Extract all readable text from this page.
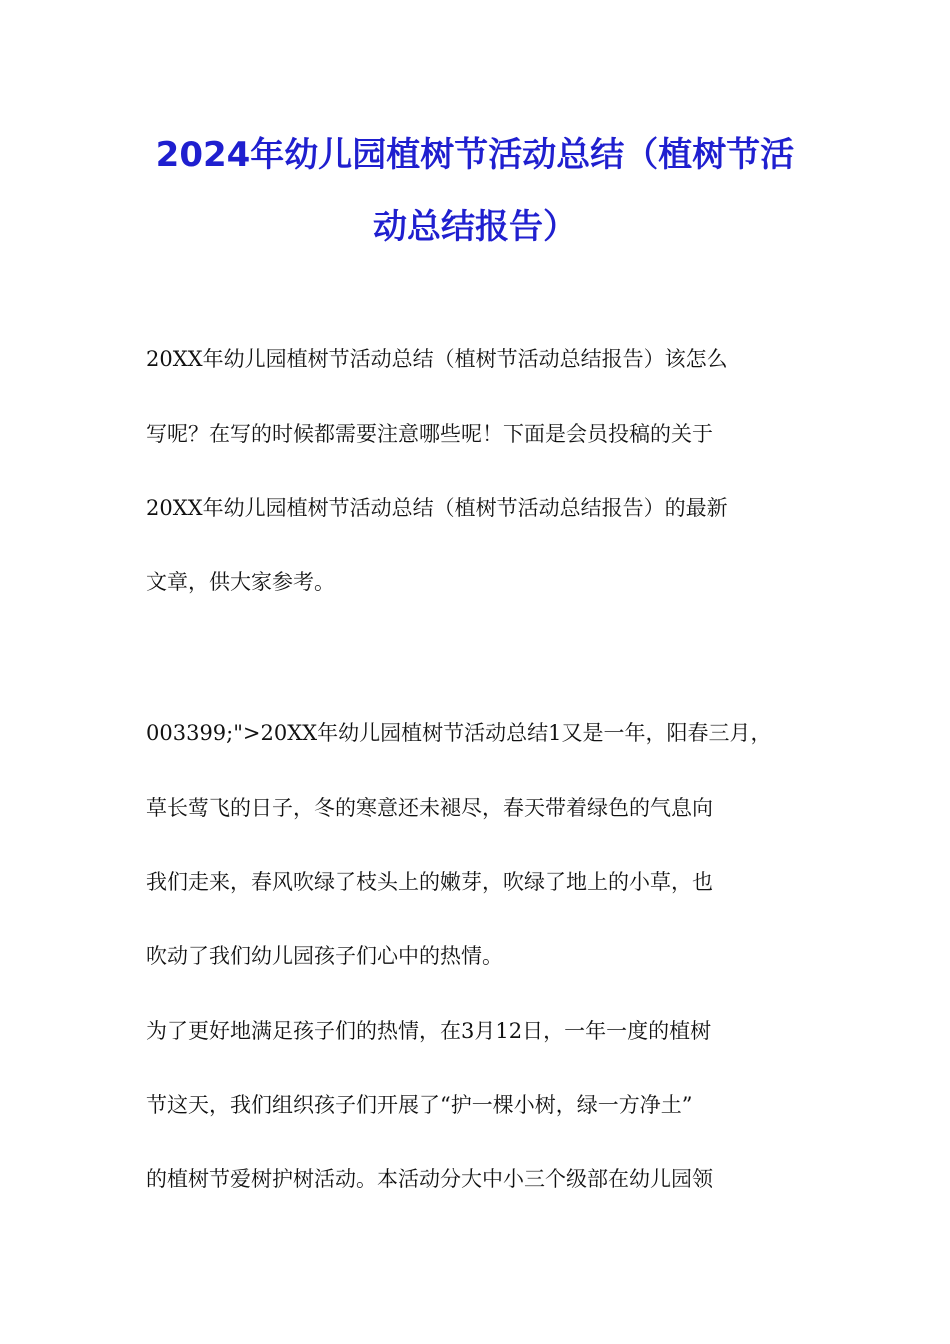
2024年幼儿园植树节活动总结（植树节活
动总结报告）
20XX年幼儿园植树节活动总结（植树节活动总结报告）该怎么
写呢？在写的时候都需要注意哪些呢！下面是会员投稿的关于
20XX年幼儿园植树节活动总结（植树节活动总结报告）的最新
文章，供大家参考。
003399;">20XX年幼儿园植树节活动总结1又是一年，阳春三月，
草长莺飞的日子，冬的寒意还未褪尽，春天带着绿色的气息向
我们走来，春风吹绿了枝头上的嫩芽，吹绿了地上的小草，也
吹动了我们幼儿园孩子们心中的热情。
为了更好地满足孩子们的热情，在3月12日，一年一度的植树
节这天，我们组织孩子们开展了“护一棵小树，绿一方净土”
的植树节爱树护树活动。本活动分大中小三个级部在幼儿园领
